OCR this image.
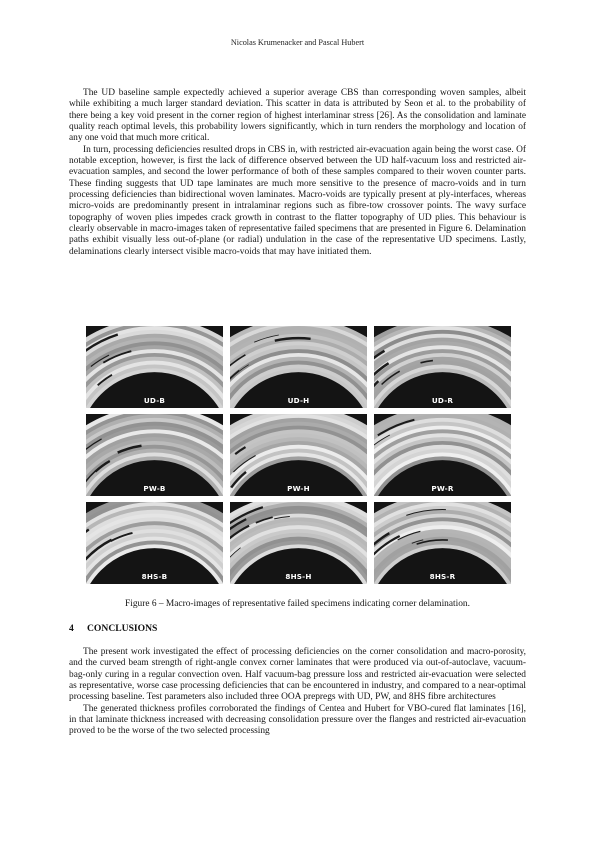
Nicolas Krumenacker and Pascal Hubert

The UD baseline sample expectedly achieved a superior average CBS than corresponding woven samples, albeit while exhibiting a much larger standard deviation. This scatter in data is attributed by Seon et al. to the probability of there being a key void present in the corner region of highest interlaminar stress [26]. As the consolidation and laminate quality reach optimal levels, this probability lowers significantly, which in turn renders the morphology and location of any one void that much more critical.

In turn, processing deficiencies resulted drops in CBS in, with restricted air-evacuation again being the worst case. Of notable exception, however, is first the lack of difference observed between the UD half-vacuum loss and restricted air-evacuation samples, and second the lower performance of both of these samples compared to their woven counter parts. These finding suggests that UD tape laminates are much more sensitive to the presence of macro-voids and in turn processing deficiencies than bidirectional woven laminates. Macro-voids are typically present at ply-interfaces, whereas micro-voids are predominantly present in intralaminar regions such as fibre-tow crossover points. The wavy surface topography of woven plies impedes crack growth in contrast to the flatter topography of UD plies. This behaviour is clearly observable in macro-images taken of representative failed specimens that are presented in Figure 6. Delamination paths exhibit visually less out-of-plane (or radial) undulation in the case of the representative UD specimens. Lastly, delaminations clearly intersect visible macro-voids that may have initiated them.

UD-B	UD-H	UD-R
PW-B	PW-H	PW-R
8HS-B	8HS-H	8HS-R
Figure 6 – Macro-images of representative failed specimens indicating corner delamination.
4 CONCLUSIONS

The present work investigated the effect of processing deficiencies on the corner consolidation and macro-porosity, and the curved beam strength of right-angle convex corner laminates that were produced via out-of-autoclave, vacuum-bag-only curing in a regular convection oven. Half vacuum-bag pressure loss and restricted air-evacuation were selected as representative, worse case processing deficiencies that can be encountered in industry, and compared to a near-optimal processing baseline. Test parameters also included three OOA prepregs with UD, PW, and 8HS fibre architectures

The generated thickness profiles corroborated the findings of Centea and Hubert for VBO-cured flat laminates [16], in that laminate thickness increased with decreasing consolidation pressure over the flanges and restricted air-evacuation proved to be the worse of the two selected processing
